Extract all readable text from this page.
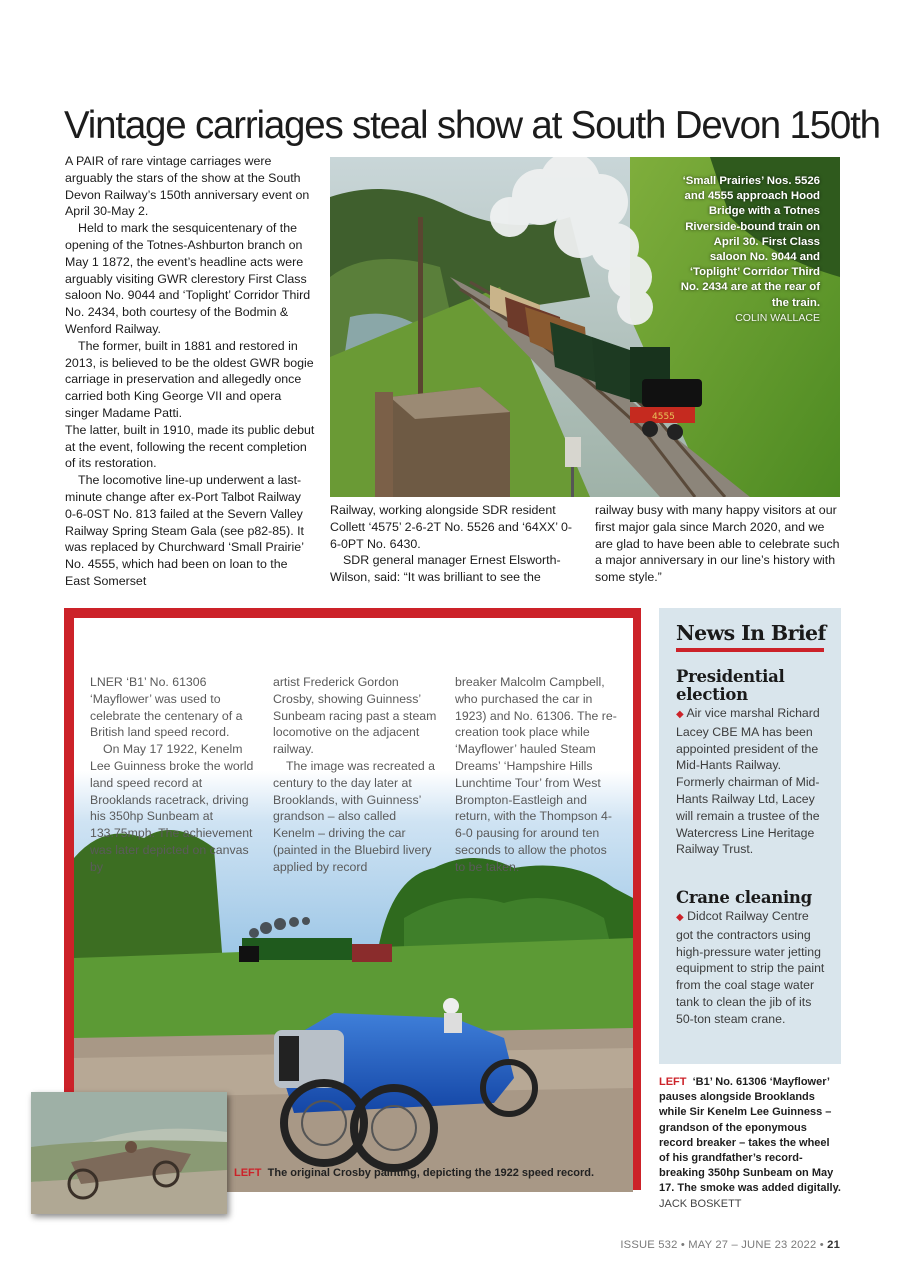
Vintage carriages steal show at South Devon 150th

A PAIR of rare vintage carriages were arguably the stars of the show at the South Devon Railway’s 150th anniversary event on April 30-May 2.

Held to mark the sesquicentenary of the opening of the Totnes-Ashburton branch on May 1 1872, the event’s headline acts were arguably visiting GWR clerestory First Class saloon No. 9044 and ‘Toplight’ Corridor Third No. 2434, both courtesy of the Bodmin & Wenford Railway.

The former, built in 1881 and restored in 2013, is believed to be the oldest GWR bogie carriage in preservation and allegedly once carried both King George VII and opera singer Madame Patti.

The latter, built in 1910, made its public debut at the event, following the recent completion of its restoration.

The locomotive line-up underwent a last-minute change after ex-Port Talbot Railway 0-6-0ST No. 813 failed at the Severn Valley Railway Spring Steam Gala (see p82-85). It was replaced by Churchward ‘Small Prairie’ No. 4555, which had been on loan to the East Somerset

4555
‘Small Prairies’ Nos. 5526 and 4555 approach Hood Bridge with a Totnes Riverside-bound train on April 30. First Class saloon No. 9044 and ‘Toplight’ Corridor Third No. 2434 are at the rear of the train.
COLIN WALLACE

Railway, working alongside SDR resident Collett ‘4575’ 2-6-2T No. 5526 and ‘64XX’ 0-6-0PT No. 6430.

SDR general manager Ernest Elsworth-Wilson, said: “It was brilliant to see the

railway busy with many happy visitors at our first major gala since March 2020, and we are glad to have been able to celebrate such a major anniversary in our line’s history with some style.”

LNER ‘B1’ No. 61306 ‘Mayflower’ was used to celebrate the centenary of a British land speed record.

On May 17 1922, Kenelm Lee Guinness broke the world land speed record at Brooklands racetrack, driving his 350hp Sunbeam at 133.75mph. The achievement was later depicted on canvas by

artist Frederick Gordon Crosby, showing Guinness’ Sunbeam racing past a steam locomotive on the adjacent railway.

The image was recreated a century to the day later at Brooklands, with Guinness’ grandson – also called Kenelm – driving the car (painted in the Bluebird livery applied by record

breaker Malcolm Campbell, who purchased the car in 1923) and No. 61306. The re-creation took place while ‘Mayflower’ hauled Steam Dreams’ ‘Hampshire Hills Lunchtime Tour’ from West Brompton-Eastleigh and return, with the Thompson 4-6-0 pausing for around ten seconds to allow the photos to be taken.

LEFT The original Crosby painting, depicting the 1922 speed record.
News In Brief
Presidential election
◆ Air vice marshal Richard Lacey CBE MA has been appointed president of the Mid-Hants Railway. Formerly chairman of Mid-Hants Railway Ltd, Lacey will remain a trustee of the Watercress Line Heritage Railway Trust.
Crane cleaning
◆ Didcot Railway Centre got the contractors using high-pressure water jetting equipment to strip the paint from the coal stage water tank to clean the jib of its 50-ton steam crane.
LEFT ‘B1’ No. 61306 ‘Mayflower’ pauses alongside Brooklands while Sir Kenelm Lee Guinness – grandson of the eponymous record breaker – takes the wheel of his grandfather’s record-breaking 350hp Sunbeam on May 17. The smoke was added digitally. JACK BOSKETT
ISSUE 532 • MAY 27 – JUNE 23 2022 • 21
